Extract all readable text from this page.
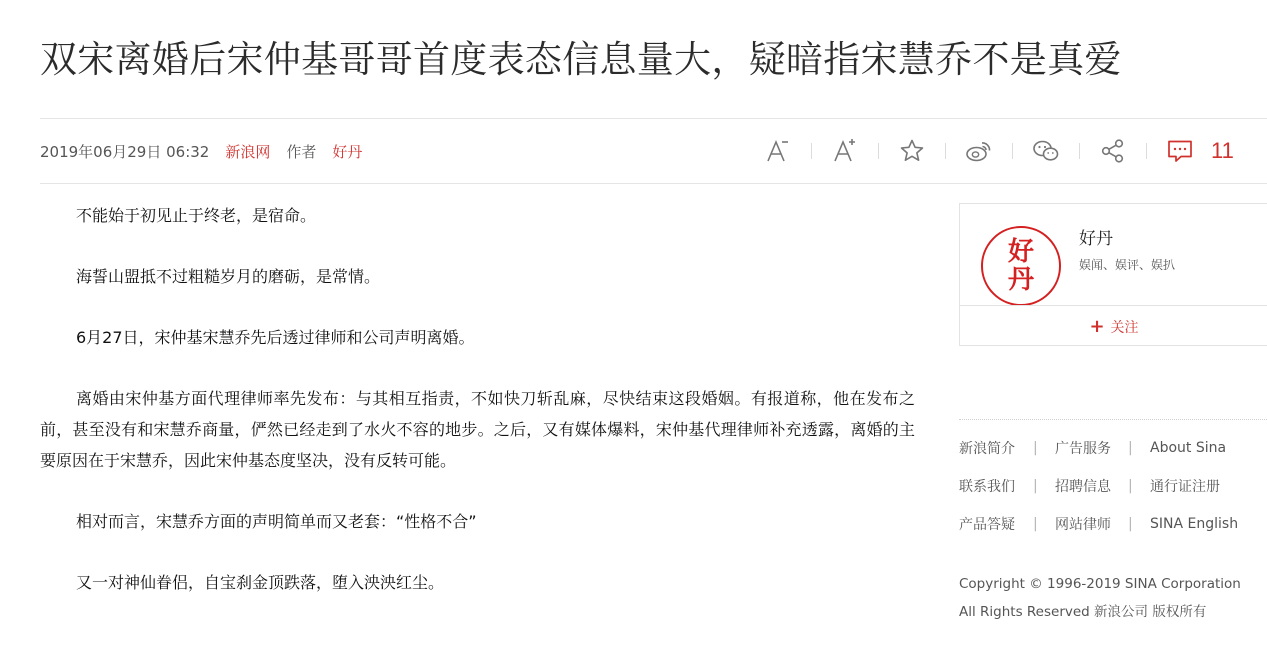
双宋离婚后宋仲基哥哥首度表态信息量大，疑暗指宋慧乔不是真爱
2019年06月29日 06:32 新浪网 作者 好丹	11

不能始于初见止于终老，是宿命。

海誓山盟抵不过粗糙岁月的磨砺，是常情。

6月27日，宋仲基宋慧乔先后透过律师和公司声明离婚。

离婚由宋仲基方面代理律师率先发布：与其相互指责，不如快刀斩乱麻，尽快结束这段婚姻。有报道称，他在发布之前，甚至没有和宋慧乔商量，俨然已经走到了水火不容的地步。之后，又有媒体爆料，宋仲基代理律师补充透露，离婚的主要原因在于宋慧乔，因此宋仲基态度坚决，没有反转可能。

相对而言，宋慧乔方面的声明简单而又老套：“性格不合”

又一对神仙眷侣，自宝刹金顶跌落，堕入泱泱红尘。

好
丹
好丹
娱闻、娱评、娱扒
+ 关注
新浪简介	|	广告服务	|	About Sina
联系我们	|	招聘信息	|	通行证注册
产品答疑	|	网站律师	|	SINA English
Copyright © 1996-2019 SINA Corporation
All Rights Reserved 新浪公司 版权所有
